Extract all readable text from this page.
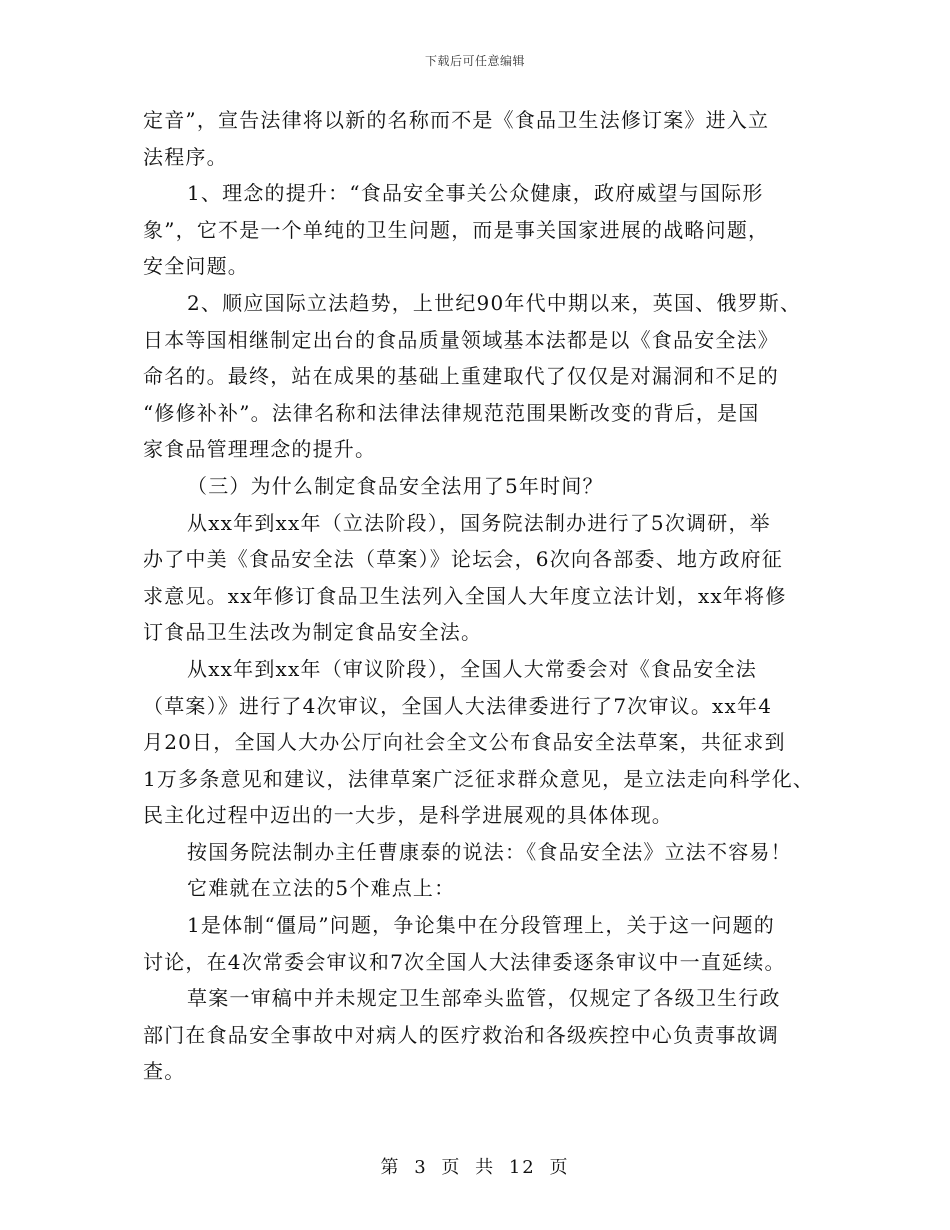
下载后可任意编辑
定音”，宣告法律将以新的名称而不是《食品卫生法修订案》进入立
法程序。
1、理念的提升：“食品安全事关公众健康，政府威望与国际形
象”，它不是一个单纯的卫生问题，而是事关国家进展的战略问题，
安全问题。
2、顺应国际立法趋势，上世纪90年代中期以来，英国、俄罗斯、
日本等国相继制定出台的食品质量领域基本法都是以《食品安全法》
命名的。最终，站在成果的基础上重建取代了仅仅是对漏洞和不足的
“修修补补”。法律名称和法律法律规范范围果断改变的背后，是国
家食品管理理念的提升。
（三）为什么制定食品安全法用了5年时间？
从xx年到xx年（立法阶段），国务院法制办进行了5次调研，举
办了中美《食品安全法（草案）》论坛会，6次向各部委、地方政府征
求意见。xx年修订食品卫生法列入全国人大年度立法计划，xx年将修
订食品卫生法改为制定食品安全法。
从xx年到xx年（审议阶段），全国人大常委会对《食品安全法
（草案）》进行了4次审议，全国人大法律委进行了7次审议。xx年4
月20日，全国人大办公厅向社会全文公布食品安全法草案，共征求到
1万多条意见和建议，法律草案广泛征求群众意见，是立法走向科学化、
民主化过程中迈出的一大步，是科学进展观的具体体现。
按国务院法制办主任曹康泰的说法：《食品安全法》立法不容易！
它难就在立法的5个难点上：
1是体制“僵局”问题，争论集中在分段管理上，关于这一问题的
讨论，在4次常委会审议和7次全国人大法律委逐条审议中一直延续。
草案一审稿中并未规定卫生部牵头监管，仅规定了各级卫生行政
部门在食品安全事故中对病人的医疗救治和各级疾控中心负责事故调
查。
第 3 页 共 12 页
